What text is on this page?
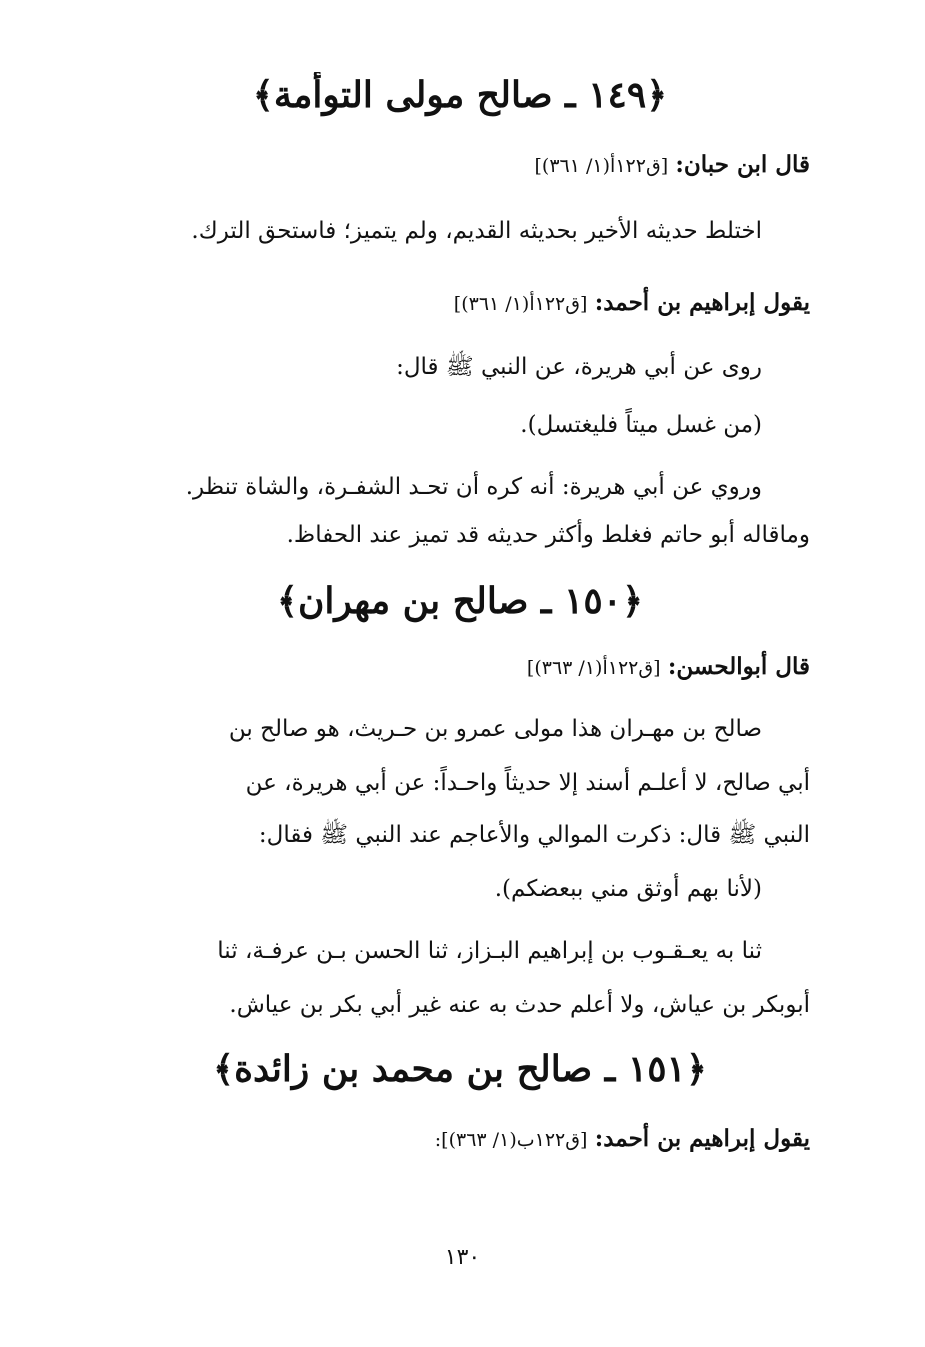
﴿١٤٩ ـ صالح مولى التوأمة﴾
قال ابن حبان: [ق١٢٢أ(١/ ٣٦١)]
اختلط حديثه الأخير بحديثه القديم، ولم يتميز؛ فاستحق الترك.
يقول إبراهيم بن أحمد: [ق١٢٢أ(١/ ٣٦١)]
روى عن أبي هريرة، عن النبي ﷺ قال:
(من غسل ميتاً فليغتسل).
وروي عن أبي هريرة: أنه كره أن تحـد الشفـرة، والشاة تنظر.
وماقاله أبو حاتم فغلط وأكثر حديثه قد تميز عند الحفاظ.
﴿١٥٠ ـ صالح بن مهران﴾
قال أبوالحسن: [ق١٢٢أ(١/ ٣٦٣)]
صالح بن مهـران هذا مولى عمرو بن حـريث، هو صالح بن
أبي صالح، لا أعلـم أسند إلا حديثاً واحـداً: عن أبي هريرة، عن
النبي ﷺ قال: ذكرت الموالي والأعاجم عند النبي ﷺ فقال:
(لأنا بهم أوثق مني ببعضكم).
ثنا به يعـقـوب بن إبراهيم البـزاز، ثنا الحسن بـن عرفـة، ثنا
أبوبكر بن عياش، ولا أعلم حدث به عنه غير أبي بكر بن عياش.
﴿١٥١ ـ صالح بن محمد بن زائدة﴾
يقول إبراهيم بن أحمد: [ق١٢٢ب(١/ ٣٦٣)]:
١٣٠
